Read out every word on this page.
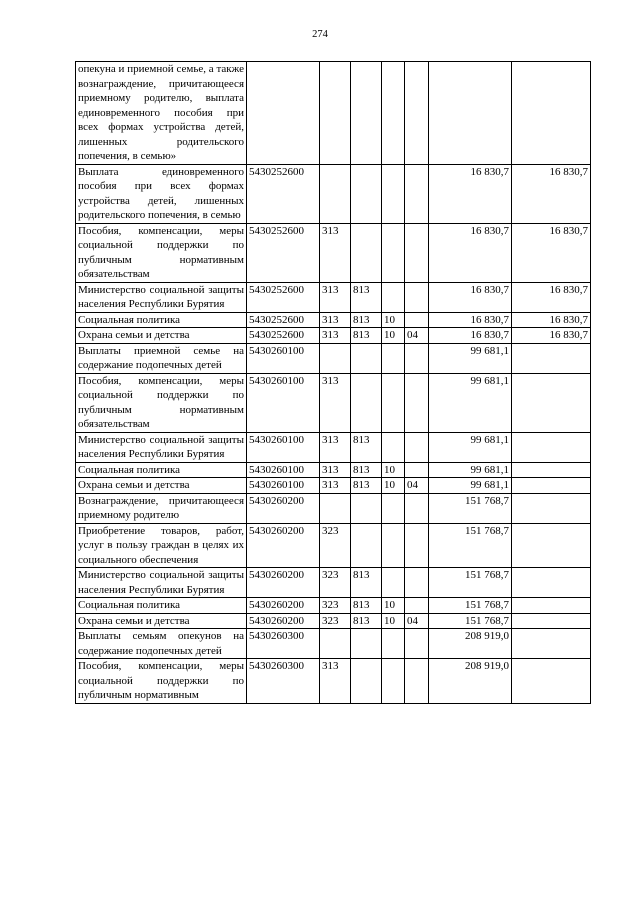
274
опекуна и приемной семье, а также вознаграждение, причитающееся приемному родителю, выплата единовременного пособия при всех формах устройства детей, лишенных родительского попечения, в семью»							
Выплата единовременного пособия при всех формах устройства детей, лишенных родительского попечения, в семью	5430252600					16 830,7	16 830,7
Пособия, компенсации, меры социальной поддержки по публичным нормативным обязательствам	5430252600	313				16 830,7	16 830,7
Министерство социальной защиты населения Республики Бурятия	5430252600	313	813			16 830,7	16 830,7
Социальная политика	5430252600	313	813	10		16 830,7	16 830,7
Охрана семьи и детства	5430252600	313	813	10	04	16 830,7	16 830,7
Выплаты приемной семье на содержание подопечных детей	5430260100					99 681,1	
Пособия, компенсации, меры социальной поддержки по публичным нормативным обязательствам	5430260100	313				99 681,1	
Министерство социальной защиты населения Республики Бурятия	5430260100	313	813			99 681,1	
Социальная политика	5430260100	313	813	10		99 681,1	
Охрана семьи и детства	5430260100	313	813	10	04	99 681,1	
Вознаграждение, причитающееся приемному родителю	5430260200					151 768,7	
Приобретение товаров, работ, услуг в пользу граждан в целях их социального обеспечения	5430260200	323				151 768,7	
Министерство социальной защиты населения Республики Бурятия	5430260200	323	813			151 768,7	
Социальная политика	5430260200	323	813	10		151 768,7	
Охрана семьи и детства	5430260200	323	813	10	04	151 768,7	
Выплаты семьям опекунов на содержание подопечных детей	5430260300					208 919,0	
Пособия, компенсации, меры социальной поддержки по публичным нормативным	5430260300	313				208 919,0	
